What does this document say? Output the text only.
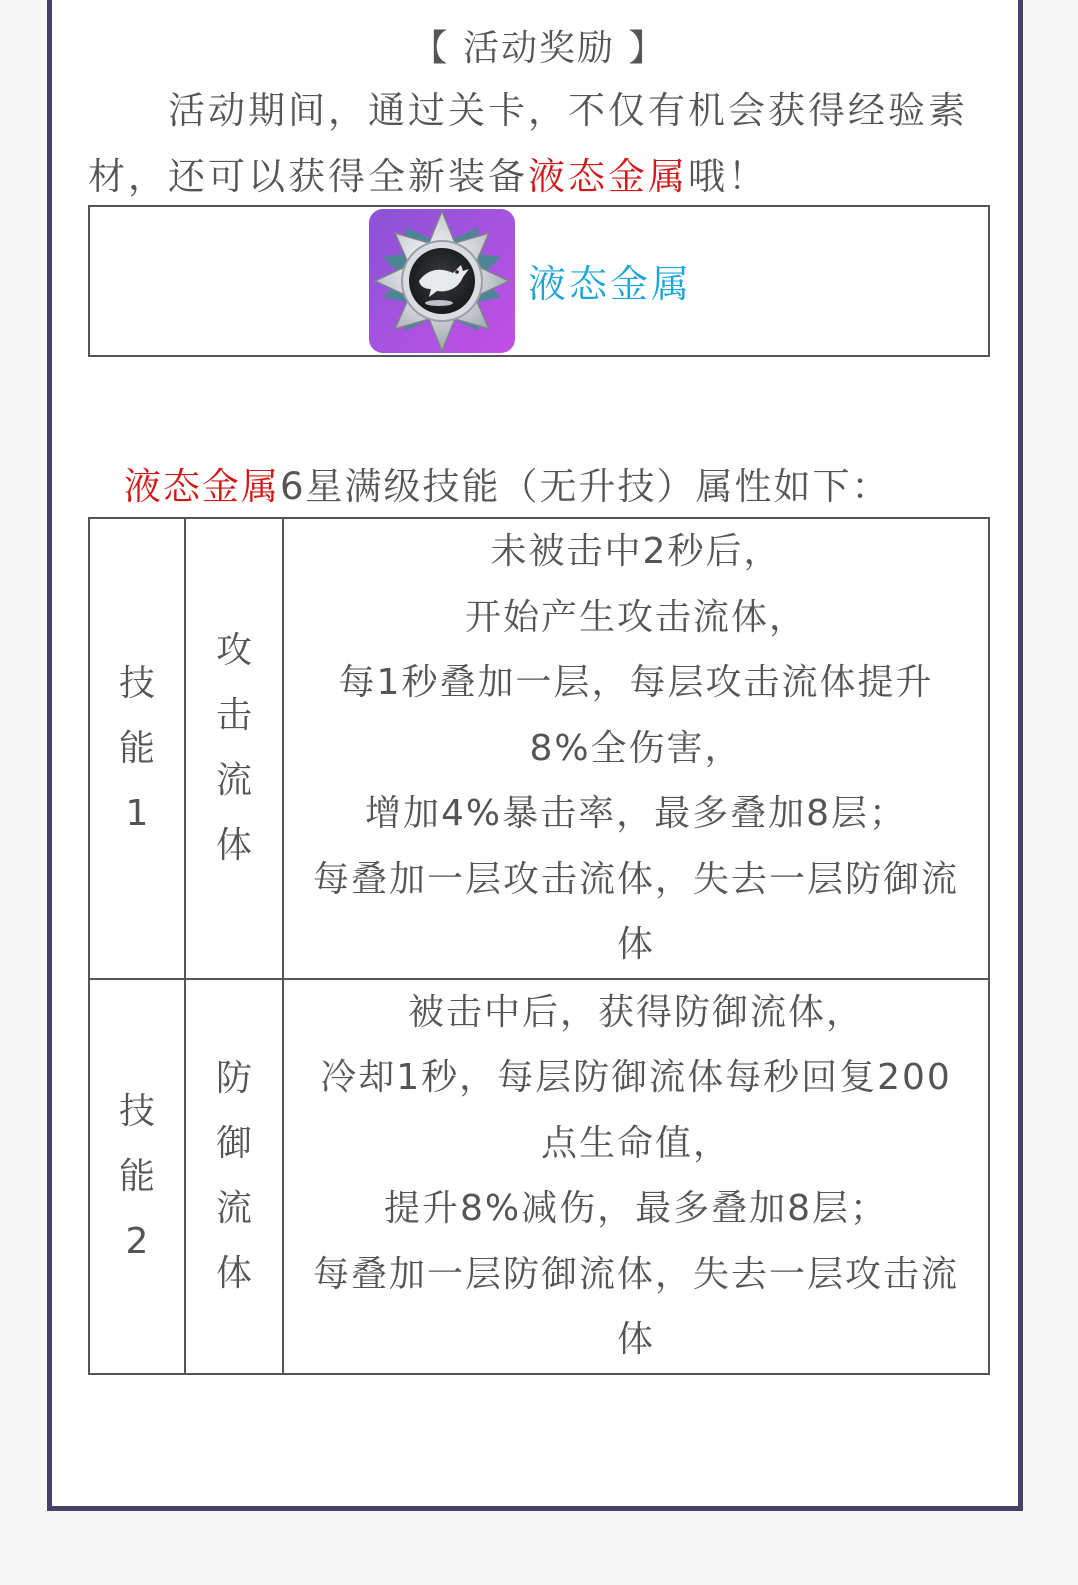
【 活动奖励 】
活动期间，通过关卡，不仅有机会获得经验素材，还可以获得全新装备液态金属哦！
液态金属
液态金属6星满级技能（无升技）属性如下：
技能1	攻击流体	未被击中2秒后，
开始产生攻击流体，
每1秒叠加一层，每层攻击流体提升8%全伤害，
增加4%暴击率，最多叠加8层；
每叠加一层攻击流体，失去一层防御流体

技能2	防御流体	被击中后，获得防御流体，
冷却1秒，每层防御流体每秒回复200点生命值，
提升8%减伤，最多叠加8层；
每叠加一层防御流体，失去一层攻击流体
